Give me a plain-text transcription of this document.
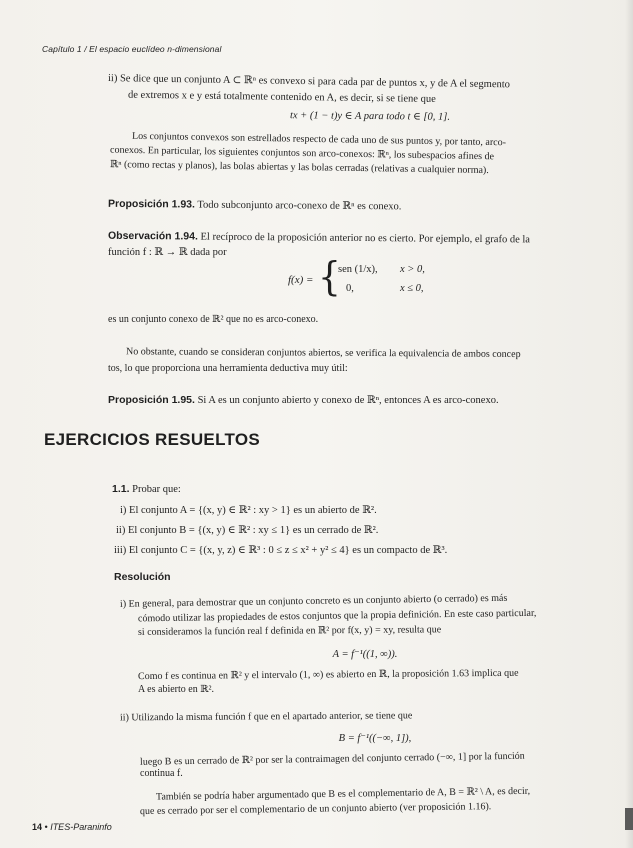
Capítulo 1 / El espacio euclídeo n-dimensional
ii) Se dice que un conjunto A ⊂ ℝⁿ es convexo si para cada par de puntos x, y de A el segmento
de extremos x e y está totalmente contenido en A, es decir, si se tiene que
tx + (1 − t)y ∈ A para todo t ∈ [0, 1].
Los conjuntos convexos son estrellados respecto de cada uno de sus puntos y, por tanto, arco-
conexos. En particular, los siguientes conjuntos son arco-conexos: ℝⁿ, los subespacios afines de
ℝⁿ (como rectas y planos), las bolas abiertas y las bolas cerradas (relativas a cualquier norma).
Proposición 1.93. Todo subconjunto arco-conexo de ℝⁿ es conexo.
Observación 1.94. El recíproco de la proposición anterior no es cierto. Por ejemplo, el grafo de la
función f : ℝ → ℝ dada por
f(x) = {
sen (1/x), x > 0,
0,	x ≤ 0,
es un conjunto conexo de ℝ² que no es arco-conexo.
No obstante, cuando se consideran conjuntos abiertos, se verifica la equivalencia de ambos concep
tos, lo que proporciona una herramienta deductiva muy útil:
Proposición 1.95. Si A es un conjunto abierto y conexo de ℝⁿ, entonces A es arco-conexo.
EJERCICIOS RESUELTOS
1.1. Probar que:
i) El conjunto A = {(x, y) ∈ ℝ² : xy > 1} es un abierto de ℝ².
ii) El conjunto B = {(x, y) ∈ ℝ² : xy ≤ 1} es un cerrado de ℝ².
iii) El conjunto C = {(x, y, z) ∈ ℝ³ : 0 ≤ z ≤ x² + y² ≤ 4} es un compacto de ℝ³.
Resolución
i) En general, para demostrar que un conjunto concreto es un conjunto abierto (o cerrado) es más
cómodo utilizar las propiedades de estos conjuntos que la propia definición. En este caso particular,
si consideramos la función real f definida en ℝ² por f(x, y) = xy, resulta que
A = f⁻¹((1, ∞)).
Como f es continua en ℝ² y el intervalo (1, ∞) es abierto en ℝ, la proposición 1.63 implica que
A es abierto en ℝ².
ii) Utilizando la misma función f que en el apartado anterior, se tiene que
B = f⁻¹((−∞, 1]),
luego B es un cerrado de ℝ² por ser la contraimagen del conjunto cerrado (−∞, 1] por la función
continua f.
También se podría haber argumentado que B es el complementario de A, B = ℝ² \ A, es decir,
que es cerrado por ser el complementario de un conjunto abierto (ver proposición 1.16).
14 • ITES-Paraninfo
